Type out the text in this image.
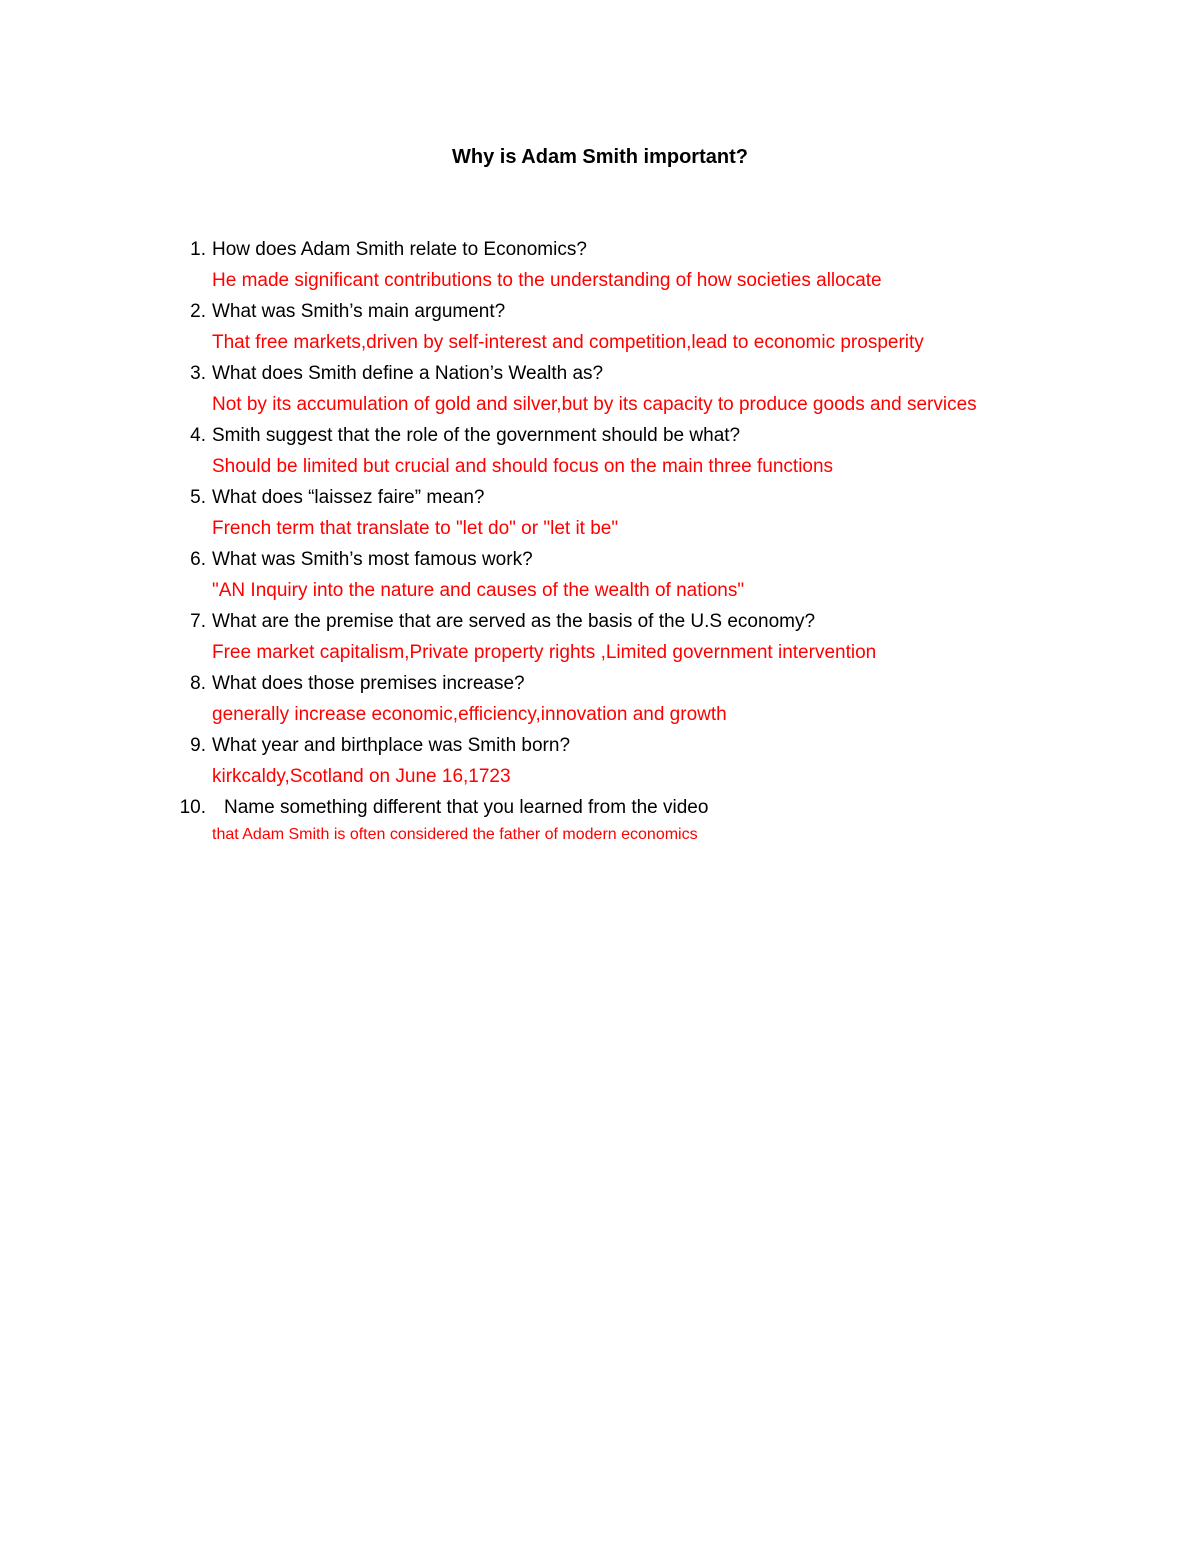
Why is Adam Smith important?
1. How does Adam Smith relate to Economics?
He made significant contributions to the understanding of how societies allocate
2. What was Smith’s main argument?
That free markets,driven by self-interest and competition,lead to economic prosperity
3. What does Smith define a Nation’s Wealth as?
Not by its accumulation of gold and silver,but by its capacity to produce goods and services
4. Smith suggest that the role of the government should be what?
Should be limited but crucial and should focus on the main three functions
5. What does “laissez faire” mean?
French term that translate to "let do" or "let it be"
6. What was Smith’s most famous work?
"AN Inquiry into the nature and causes of the wealth of nations"
7. What are the premise that are served as the basis of the U.S economy?
Free market capitalism,Private property rights ,Limited government intervention
8. What does those premises increase?
generally increase economic,efficiency,innovation and growth
9. What year and birthplace was Smith born?
kirkcaldy,Scotland on June 16,1723
10. Name something different that you learned from the video
that Adam Smith is often considered the father of modern economics
